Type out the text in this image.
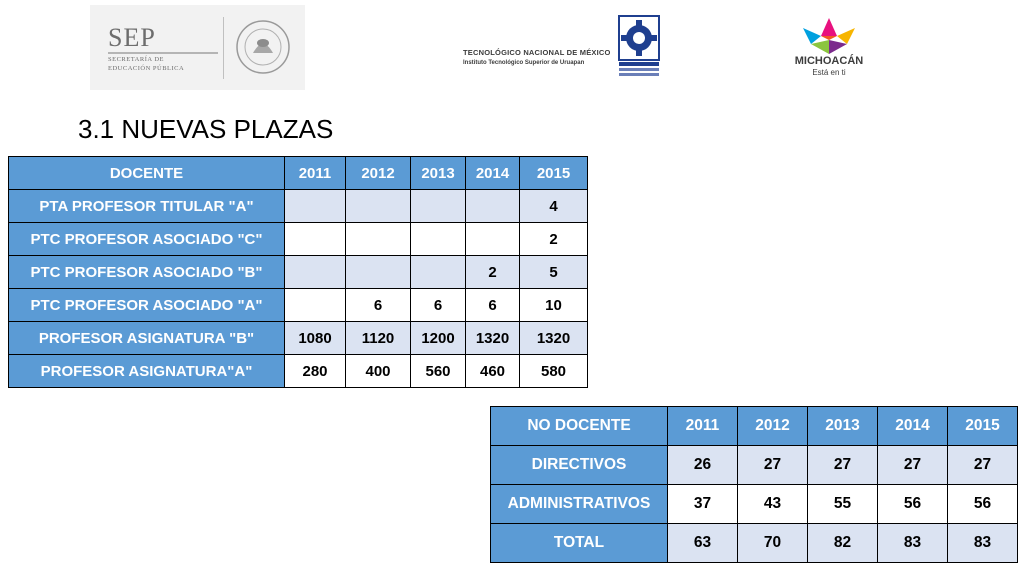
SEP
SECRETARÍA DE
EDUCACIÓN PÚBLICA
TECNOLÓGICO NACIONAL DE MÉXICO
Instituto Tecnológico Superior de Uruapan	MICHOACÁN
Está en ti
3.1 NUEVAS PLAZAS
DOCENTE	2011	2012	2013	2014	2015
PTA PROFESOR TITULAR "A"					4
PTC PROFESOR ASOCIADO "C"					2
PTC PROFESOR ASOCIADO "B"				2	5
PTC PROFESOR ASOCIADO "A"		6	6	6	10
PROFESOR ASIGNATURA "B"	1080	1120	1200	1320	1320
PROFESOR ASIGNATURA"A"	280	400	560	460	580
NO DOCENTE	2011	2012	2013	2014	2015
DIRECTIVOS	26	27	27	27	27
ADMINISTRATIVOS	37	43	55	56	56
TOTAL	63	70	82	83	83
